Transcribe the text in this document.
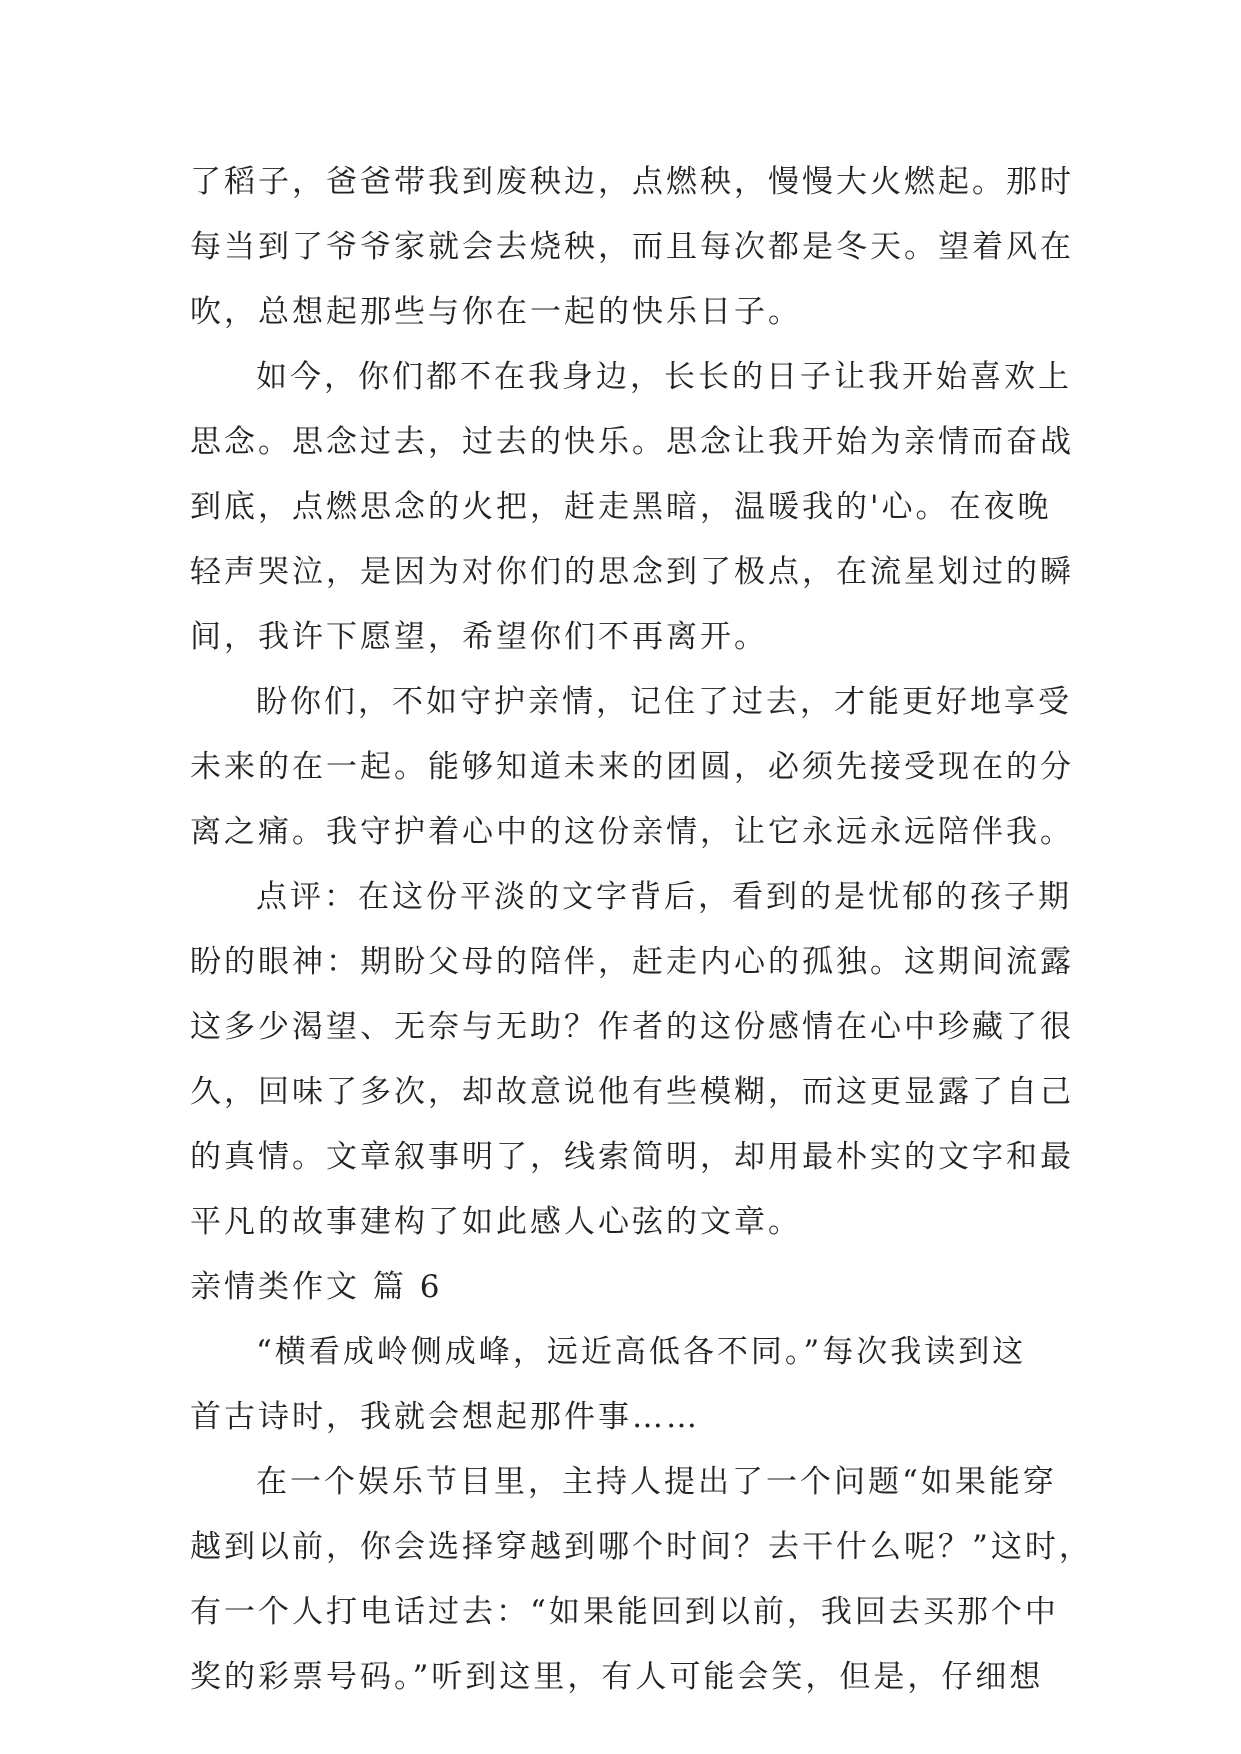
了稻子，爸爸带我到废秧边，点燃秧，慢慢大火燃起。那时
每当到了爷爷家就会去烧秧，而且每次都是冬天。望着风在
吹，总想起那些与你在一起的快乐日子。
如今，你们都不在我身边，长长的日子让我开始喜欢上
思念。思念过去，过去的快乐。思念让我开始为亲情而奋战
到底，点燃思念的火把，赶走黑暗，温暖我的'心。在夜晚
轻声哭泣，是因为对你们的思念到了极点，在流星划过的瞬
间，我许下愿望，希望你们不再离开。
盼你们，不如守护亲情，记住了过去，才能更好地享受
未来的在一起。能够知道未来的团圆，必须先接受现在的分
离之痛。我守护着心中的这份亲情，让它永远永远陪伴我。
点评：在这份平淡的文字背后，看到的是忧郁的孩子期
盼的眼神：期盼父母的陪伴，赶走内心的孤独。这期间流露
这多少渴望、无奈与无助？作者的这份感情在心中珍藏了很
久，回味了多次，却故意说他有些模糊，而这更显露了自己
的真情。文章叙事明了，线索简明，却用最朴实的文字和最
平凡的故事建构了如此感人心弦的文章。
亲情类作文 篇 6
“横看成岭侧成峰，远近高低各不同。”每次我读到这
首古诗时，我就会想起那件事……
在一个娱乐节目里，主持人提出了一个问题“如果能穿
越到以前，你会选择穿越到哪个时间？去干什么呢？”这时，
有一个人打电话过去：“如果能回到以前，我回去买那个中
奖的彩票号码。”听到这里，有人可能会笑，但是，仔细想
